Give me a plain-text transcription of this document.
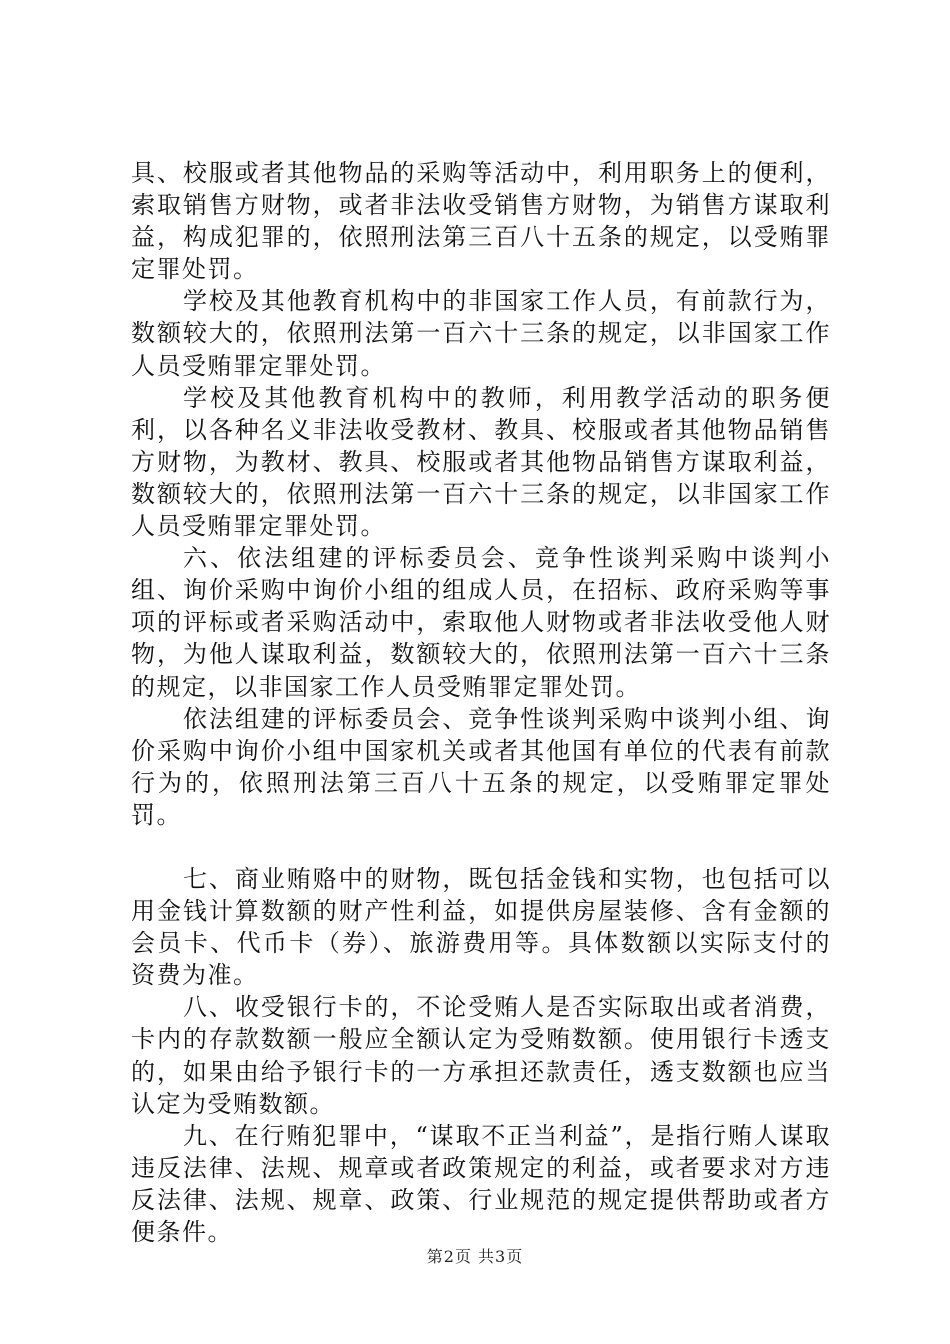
具、校服或者其他物品的采购等活动中，利用职务上的便利，索取销售方财物，或者非法收受销售方财物，为销售方谋取利益，构成犯罪的，依照刑法第三百八十五条的规定，以受贿罪定罪处罚。

学校及其他教育机构中的非国家工作人员，有前款行为，数额较大的，依照刑法第一百六十三条的规定，以非国家工作人员受贿罪定罪处罚。

学校及其他教育机构中的教师，利用教学活动的职务便利，以各种名义非法收受教材、教具、校服或者其他物品销售方财物，为教材、教具、校服或者其他物品销售方谋取利益，数额较大的，依照刑法第一百六十三条的规定，以非国家工作人员受贿罪定罪处罚。

六、依法组建的评标委员会、竞争性谈判采购中谈判小组、询价采购中询价小组的组成人员，在招标、政府采购等事项的评标或者采购活动中，索取他人财物或者非法收受他人财物，为他人谋取利益，数额较大的，依照刑法第一百六十三条的规定，以非国家工作人员受贿罪定罪处罚。

依法组建的评标委员会、竞争性谈判采购中谈判小组、询价采购中询价小组中国家机关或者其他国有单位的代表有前款行为的，依照刑法第三百八十五条的规定，以受贿罪定罪处罚。

七、商业贿赂中的财物，既包括金钱和实物，也包括可以用金钱计算数额的财产性利益，如提供房屋装修、含有金额的会员卡、代币卡（券）、旅游费用等。具体数额以实际支付的资费为准。

八、收受银行卡的，不论受贿人是否实际取出或者消费，卡内的存款数额一般应全额认定为受贿数额。使用银行卡透支的，如果由给予银行卡的一方承担还款责任，透支数额也应当认定为受贿数额。

九、在行贿犯罪中，“谋取不正当利益”，是指行贿人谋取违反法律、法规、规章或者政策规定的利益，或者要求对方违反法律、法规、规章、政策、行业规范的规定提供帮助或者方便条件。

第2页 共3页
